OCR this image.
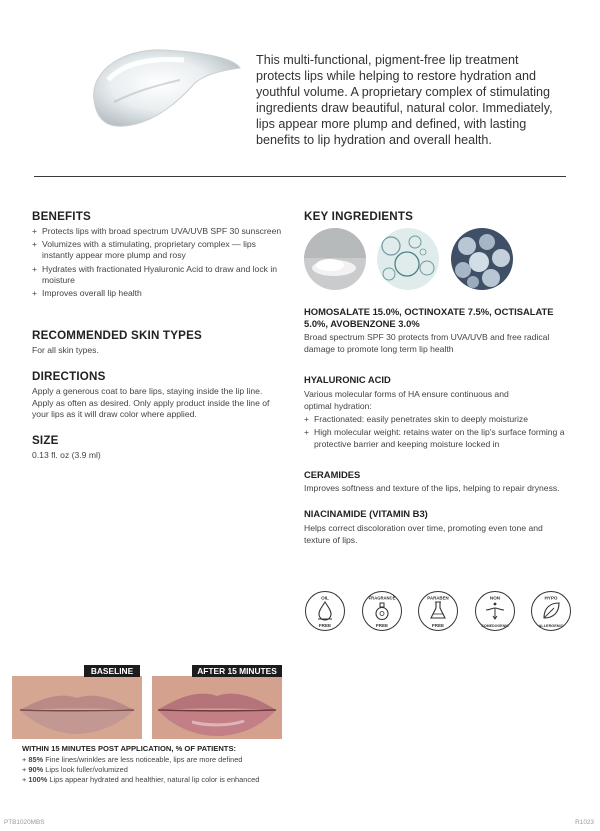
This multi-functional, pigment-free lip treatment protects lips while helping to restore hydration and youthful volume. A proprietary complex of stimulating ingredients draw beautiful, natural color. Immediately, lips appear more plump and defined, with lasting benefits to lip hydration and overall health.
BENEFITS
+ Protects lips with broad spectrum UVA/UVB SPF 30 sunscreen
+ Volumizes with a stimulating, proprietary complex — lips instantly appear more plump and rosy
+ Hydrates with fractionated Hyaluronic Acid to draw and lock in moisture
+ Improves overall lip health
RECOMMENDED SKIN TYPES
For all skin types.
DIRECTIONS
Apply a generous coat to bare lips, staying inside the lip line. Apply as often as desired. Only apply product inside the line of your lips as it will draw color where applied.
SIZE
0.13 fl. oz (3.9 ml)
KEY INGREDIENTS
HOMOSALATE 15.0%, OCTINOXATE 7.5%, OCTISALATE 5.0%, AVOBENZONE 3.0%
Broad spectrum SPF 30 protects from UVA/UVB and free radical damage to promote long term lip health
HYALURONIC ACID
Various molecular forms of HA ensure continuous and optimal hydration:
+ Fractionated: easily penetrates skin to deeply moisturize
+ High molecular weight: retains water on the lip's surface forming a protective barrier and keeping moisture locked in
CERAMIDES
Improves softness and texture of the lips, helping to repair dryness.
NIACINAMIDE (VITAMIN B3)
Helps correct discoloration over time, promoting even tone and texture of lips.
OIL
FREE
FRAGRANCE
FREE
PARABEN
FREE
NON
COMEDOGENIC
HYPO
ALLERGENIC
BASELINE	AFTER 15 MINUTES
WITHIN 15 MINUTES POST APPLICATION, % OF PATIENTS:
+ 85% Fine lines/wrinkles are less noticeable, lips are more defined
+ 90% Lips look fuller/volumized
+ 100% Lips appear hydrated and healthier, natural lip color is enhanced
PTB1020MBS	R1023
